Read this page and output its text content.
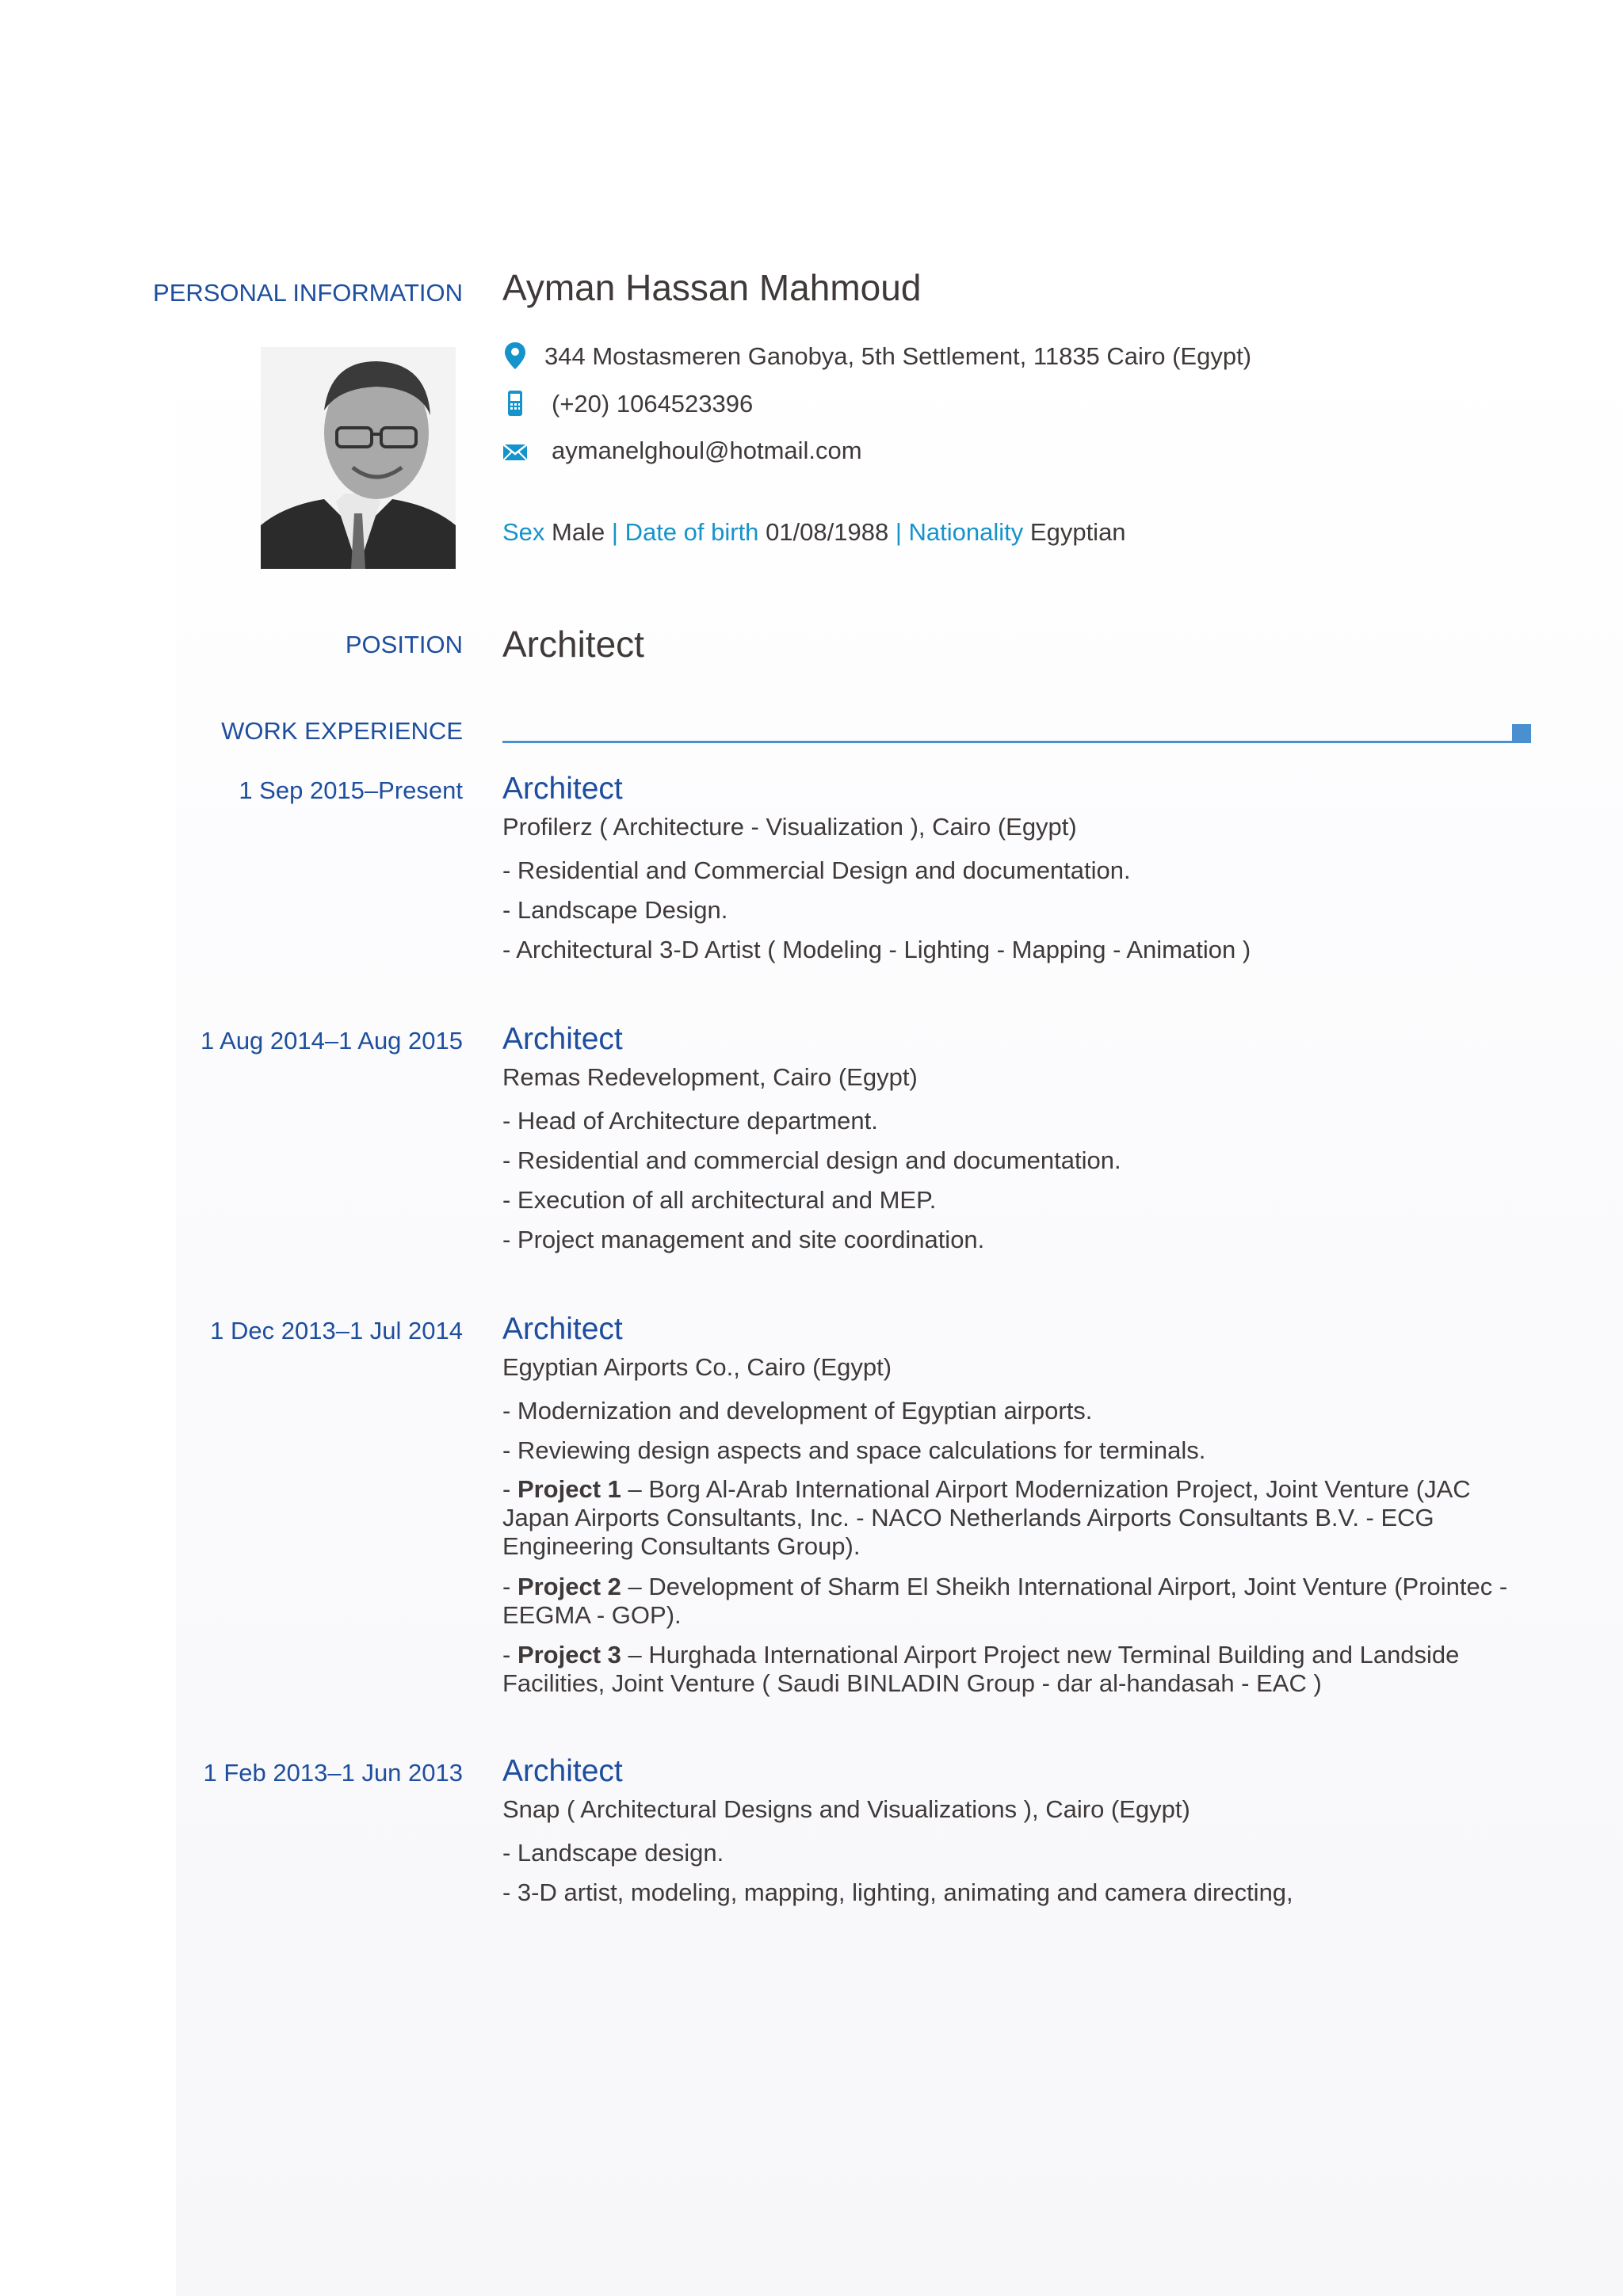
PERSONAL INFORMATION Ayman Hassan Mahmoud
344 Mostasmeren Ganobya, 5th Settlement, 11835 Cairo (Egypt)
(+20) 1064523396
aymanelghoul@hotmail.com
Sex Male | Date of birth 01/08/1988 | Nationality Egyptian
POSITION Architect
WORK EXPERIENCE
1 Sep 2015–Present Architect
Profilerz ( Architecture - Visualization ), Cairo (Egypt)
- Residential and Commercial Design and documentation.
- Landscape Design.
- Architectural 3-D Artist ( Modeling - Lighting - Mapping - Animation )
1 Aug 2014–1 Aug 2015 Architect
Remas Redevelopment, Cairo (Egypt)
- Head of Architecture department.
- Residential and commercial design and documentation.
- Execution of all architectural and MEP.
- Project management and site coordination.
1 Dec 2013–1 Jul 2014 Architect
Egyptian Airports Co., Cairo (Egypt)
- Modernization and development of Egyptian airports.
- Reviewing design aspects and space calculations for terminals.
- Project 1 – Borg Al-Arab International Airport Modernization Project, Joint Venture (JAC Japan Airports Consultants, Inc. - NACO Netherlands Airports Consultants B.V. - ECG Engineering Consultants Group).
- Project 2 – Development of Sharm El Sheikh International Airport, Joint Venture (Prointec - EEGMA - GOP).
- Project 3 – Hurghada International Airport Project new Terminal Building and Landside Facilities, Joint Venture ( Saudi BINLADIN Group - dar al-handasah - EAC )
1 Feb 2013–1 Jun 2013 Architect
Snap ( Architectural Designs and Visualizations ), Cairo (Egypt)
- Landscape design.
- 3-D artist, modeling, mapping, lighting, animating and camera directing,
